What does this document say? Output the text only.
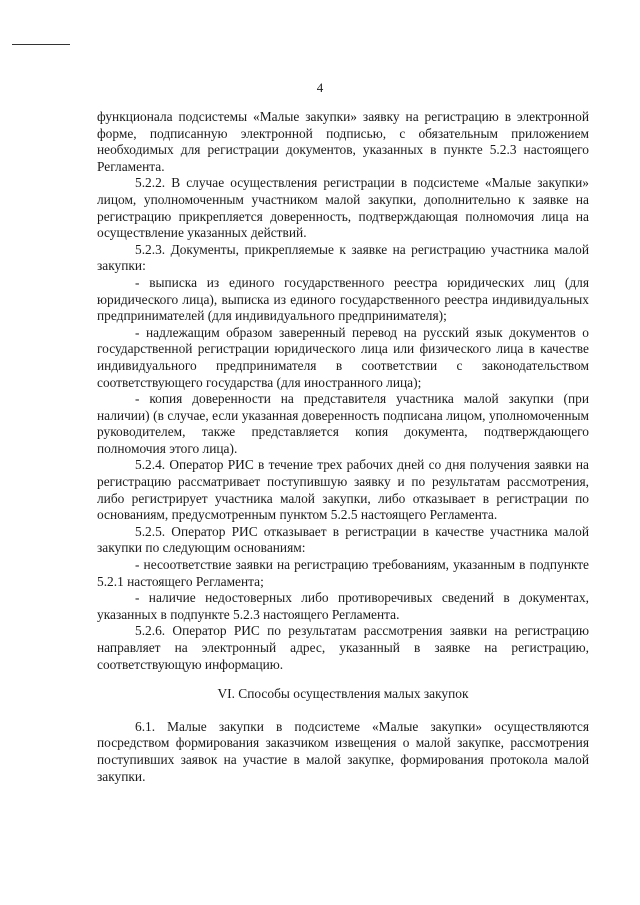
4

функционала подсистемы «Малые закупки» заявку на регистрацию в электронной форме, подписанную электронной подписью, с обязательным приложением необходимых для регистрации документов, указанных в пункте 5.2.3 настоящего Регламента.

5.2.2. В случае осуществления регистрации в подсистеме «Малые закупки» лицом, уполномоченным участником малой закупки, дополнительно к заявке на регистрацию прикрепляется доверенность, подтверждающая полномочия лица на осуществление указанных действий.

5.2.3. Документы, прикрепляемые к заявке на регистрацию участника малой закупки:

- выписка из единого государственного реестра юридических лиц (для юридического лица), выписка из единого государственного реестра индивидуальных предпринимателей (для индивидуального предпринимателя);

- надлежащим образом заверенный перевод на русский язык документов о государственной регистрации юридического лица или физического лица в качестве индивидуального предпринимателя в соответствии с законодательством соответствующего государства (для иностранного лица);

- копия доверенности на представителя участника малой закупки (при наличии) (в случае, если указанная доверенность подписана лицом, уполномоченным руководителем, также представляется копия документа, подтверждающего полномочия этого лица).

5.2.4. Оператор РИС в течение трех рабочих дней со дня получения заявки на регистрацию рассматривает поступившую заявку и по результатам рассмотрения, либо регистрирует участника малой закупки, либо отказывает в регистрации по основаниям, предусмотренным пунктом 5.2.5 настоящего Регламента.

5.2.5. Оператор РИС отказывает в регистрации в качестве участника малой закупки по следующим основаниям:

- несоответствие заявки на регистрацию требованиям, указанным в подпункте 5.2.1 настоящего Регламента;

- наличие недостоверных либо противоречивых сведений в документах, указанных в подпункте 5.2.3 настоящего Регламента.

5.2.6. Оператор РИС по результатам рассмотрения заявки на регистрацию направляет на электронный адрес, указанный в заявке на регистрацию, соответствующую информацию.

VI. Способы осуществления малых закупок

6.1. Малые закупки в подсистеме «Малые закупки» осуществляются посредством формирования заказчиком извещения о малой закупке, рассмотрения поступивших заявок на участие в малой закупке, формирования протокола малой закупки.
